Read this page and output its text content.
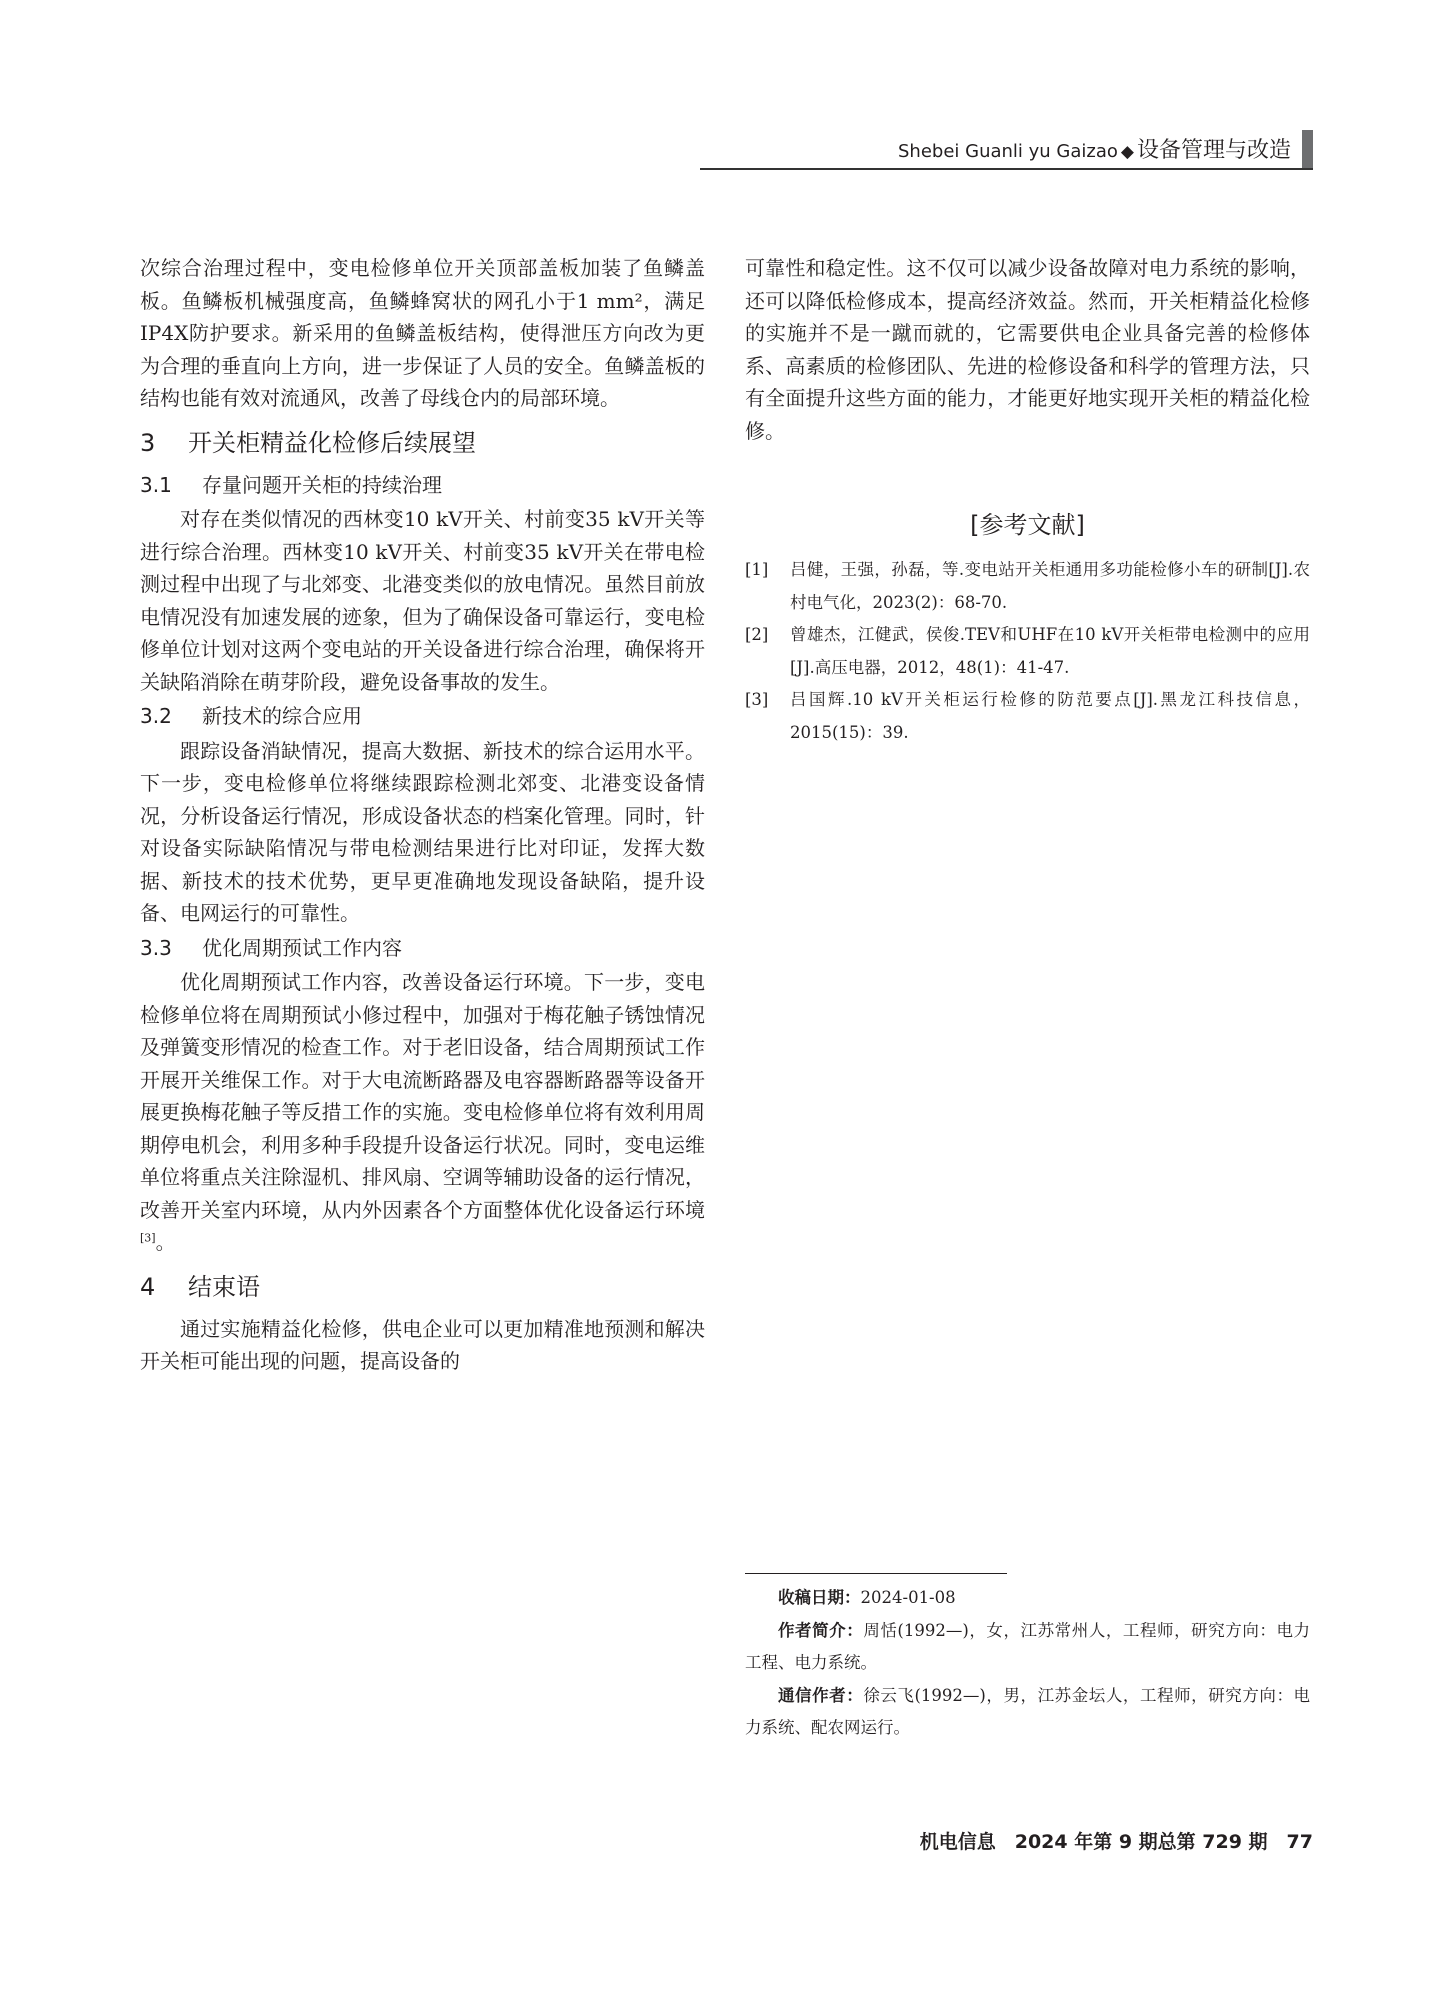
Shebei Guanli yu Gaizao ◆ 设备管理与改造

次综合治理过程中，变电检修单位开关顶部盖板加装了鱼鳞盖板。鱼鳞板机械强度高，鱼鳞蜂窝状的网孔小于1 mm²，满足IP4X防护要求。新采用的鱼鳞盖板结构，使得泄压方向改为更为合理的垂直向上方向，进一步保证了人员的安全。鱼鳞盖板的结构也能有效对流通风，改善了母线仓内的局部环境。

3 开关柜精益化检修后续展望
3.1 存量问题开关柜的持续治理

对存在类似情况的西林变10 kV开关、村前变35 kV开关等进行综合治理。西林变10 kV开关、村前变35 kV开关在带电检测过程中出现了与北郊变、北港变类似的放电情况。虽然目前放电情况没有加速发展的迹象，但为了确保设备可靠运行，变电检修单位计划对这两个变电站的开关设备进行综合治理，确保将开关缺陷消除在萌芽阶段，避免设备事故的发生。

3.2 新技术的综合应用

跟踪设备消缺情况，提高大数据、新技术的综合运用水平。下一步，变电检修单位将继续跟踪检测北郊变、北港变设备情况，分析设备运行情况，形成设备状态的档案化管理。同时，针对设备实际缺陷情况与带电检测结果进行比对印证，发挥大数据、新技术的技术优势，更早更准确地发现设备缺陷，提升设备、电网运行的可靠性。

3.3 优化周期预试工作内容

优化周期预试工作内容，改善设备运行环境。下一步，变电检修单位将在周期预试小修过程中，加强对于梅花触子锈蚀情况及弹簧变形情况的检查工作。对于老旧设备，结合周期预试工作开展开关维保工作。对于大电流断路器及电容器断路器等设备开展更换梅花触子等反措工作的实施。变电检修单位将有效利用周期停电机会，利用多种手段提升设备运行状况。同时，变电运维单位将重点关注除湿机、排风扇、空调等辅助设备的运行情况，改善开关室内环境，从内外因素各个方面整体优化设备运行环境[3]。

4 结束语

通过实施精益化检修，供电企业可以更加精准地预测和解决开关柜可能出现的问题，提高设备的

可靠性和稳定性。这不仅可以减少设备故障对电力系统的影响，还可以降低检修成本，提高经济效益。然而，开关柜精益化检修的实施并不是一蹴而就的，它需要供电企业具备完善的检修体系、高素质的检修团队、先进的检修设备和科学的管理方法，只有全面提升这些方面的能力，才能更好地实现开关柜的精益化检修。

[参考文献]
[1] 吕健，王强，孙磊，等.变电站开关柜通用多功能检修小车的研制[J].农村电气化，2023(2)：68-70.
[2] 曾雄杰，江健武，侯俊.TEV和UHF在10 kV开关柜带电检测中的应用[J].高压电器，2012，48(1)：41-47.
[3] 吕国辉.10 kV开关柜运行检修的防范要点[J].黑龙江科技信息，2015(15)：39.

收稿日期：2024-01-08

作者简介：周恬(1992—)，女，江苏常州人，工程师，研究方向：电力工程、电力系统。

通信作者：徐云飞(1992—)，男，江苏金坛人，工程师，研究方向：电力系统、配农网运行。

机电信息　2024 年第 9 期总第 729 期　77
